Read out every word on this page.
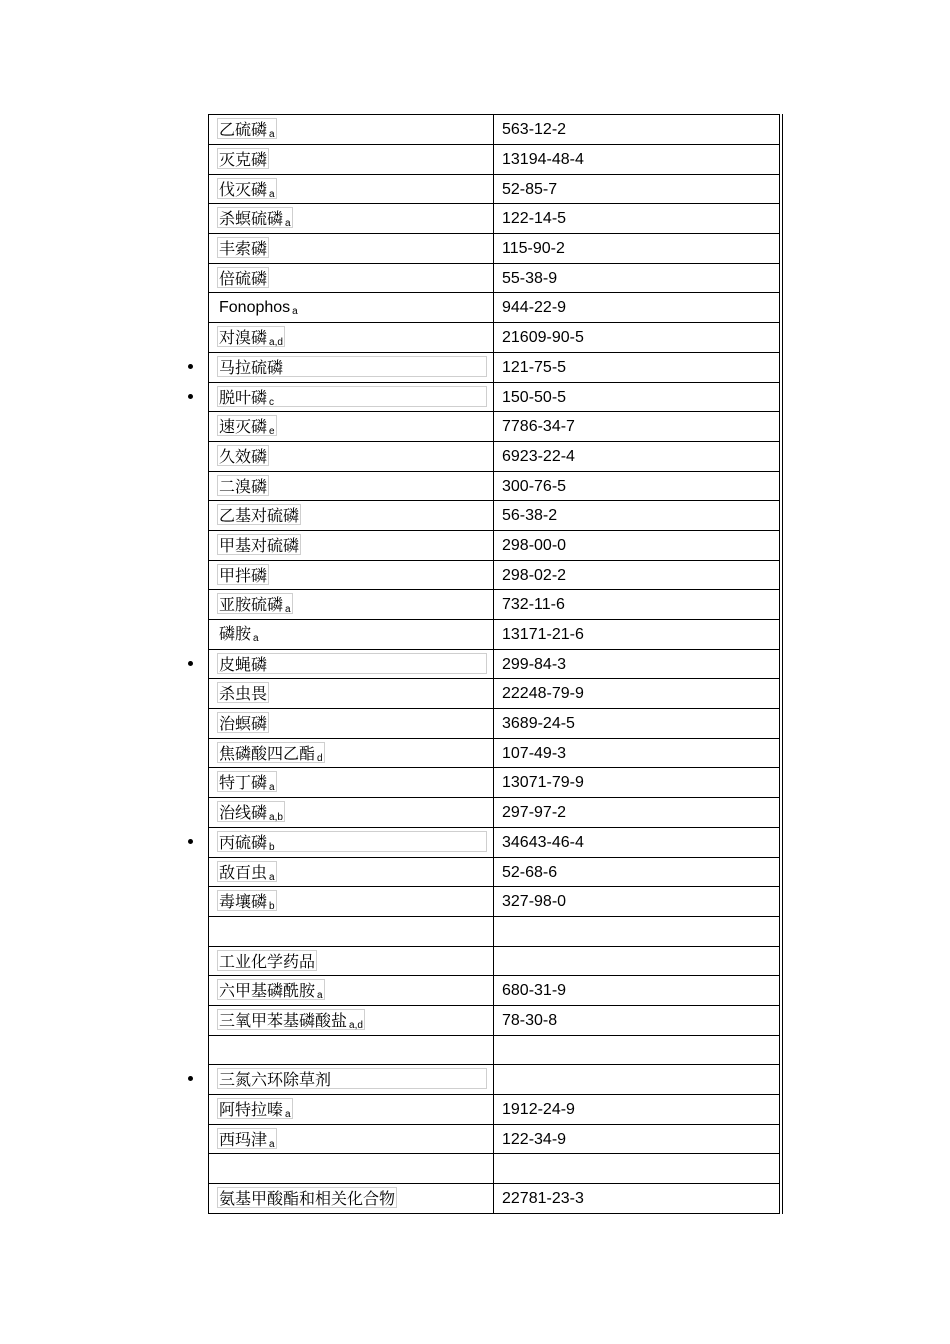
乙硫磷 $_a$	563-12-2
灭克磷	13194-48-4
伐灭磷 $_a$	52-85-7
杀螟硫磷 $_a$	122-14-5
丰索磷	115-90-2
倍硫磷	55-38-9
Fonophos $_a$	944-22-9
对溴磷 $_{a,d}$	21609-90-5
马拉硫磷	121-75-5
脱叶磷 $_c$	150-50-5
速灭磷 $_e$	7786-34-7
久效磷	6923-22-4
二溴磷	300-76-5
乙基对硫磷	56-38-2
甲基对硫磷	298-00-0
甲拌磷	298-02-2
亚胺硫磷 $_a$	732-11-6
磷胺 $_a$	13171-21-6
皮蝇磷	299-84-3
杀虫畏	22248-79-9
治螟磷	3689-24-5
焦磷酸四乙酯 $_d$	107-49-3
特丁磷 $_a$	13071-79-9
治线磷 $_{a,b}$	297-97-2
丙硫磷 $_b$	34643-46-4
敌百虫 $_a$	52-68-6
毒壤磷 $_b$	327-98-0
工业化学药品
六甲基磷酰胺 $_a$	680-31-9
三氧甲苯基磷酸盐 $_{a,d}$	78-30-8
三氮六环除草剂
阿特拉嗪 $_a$	1912-24-9
西玛津 $_a$	122-34-9
氨基甲酸酯和相关化合物	22781-23-3
